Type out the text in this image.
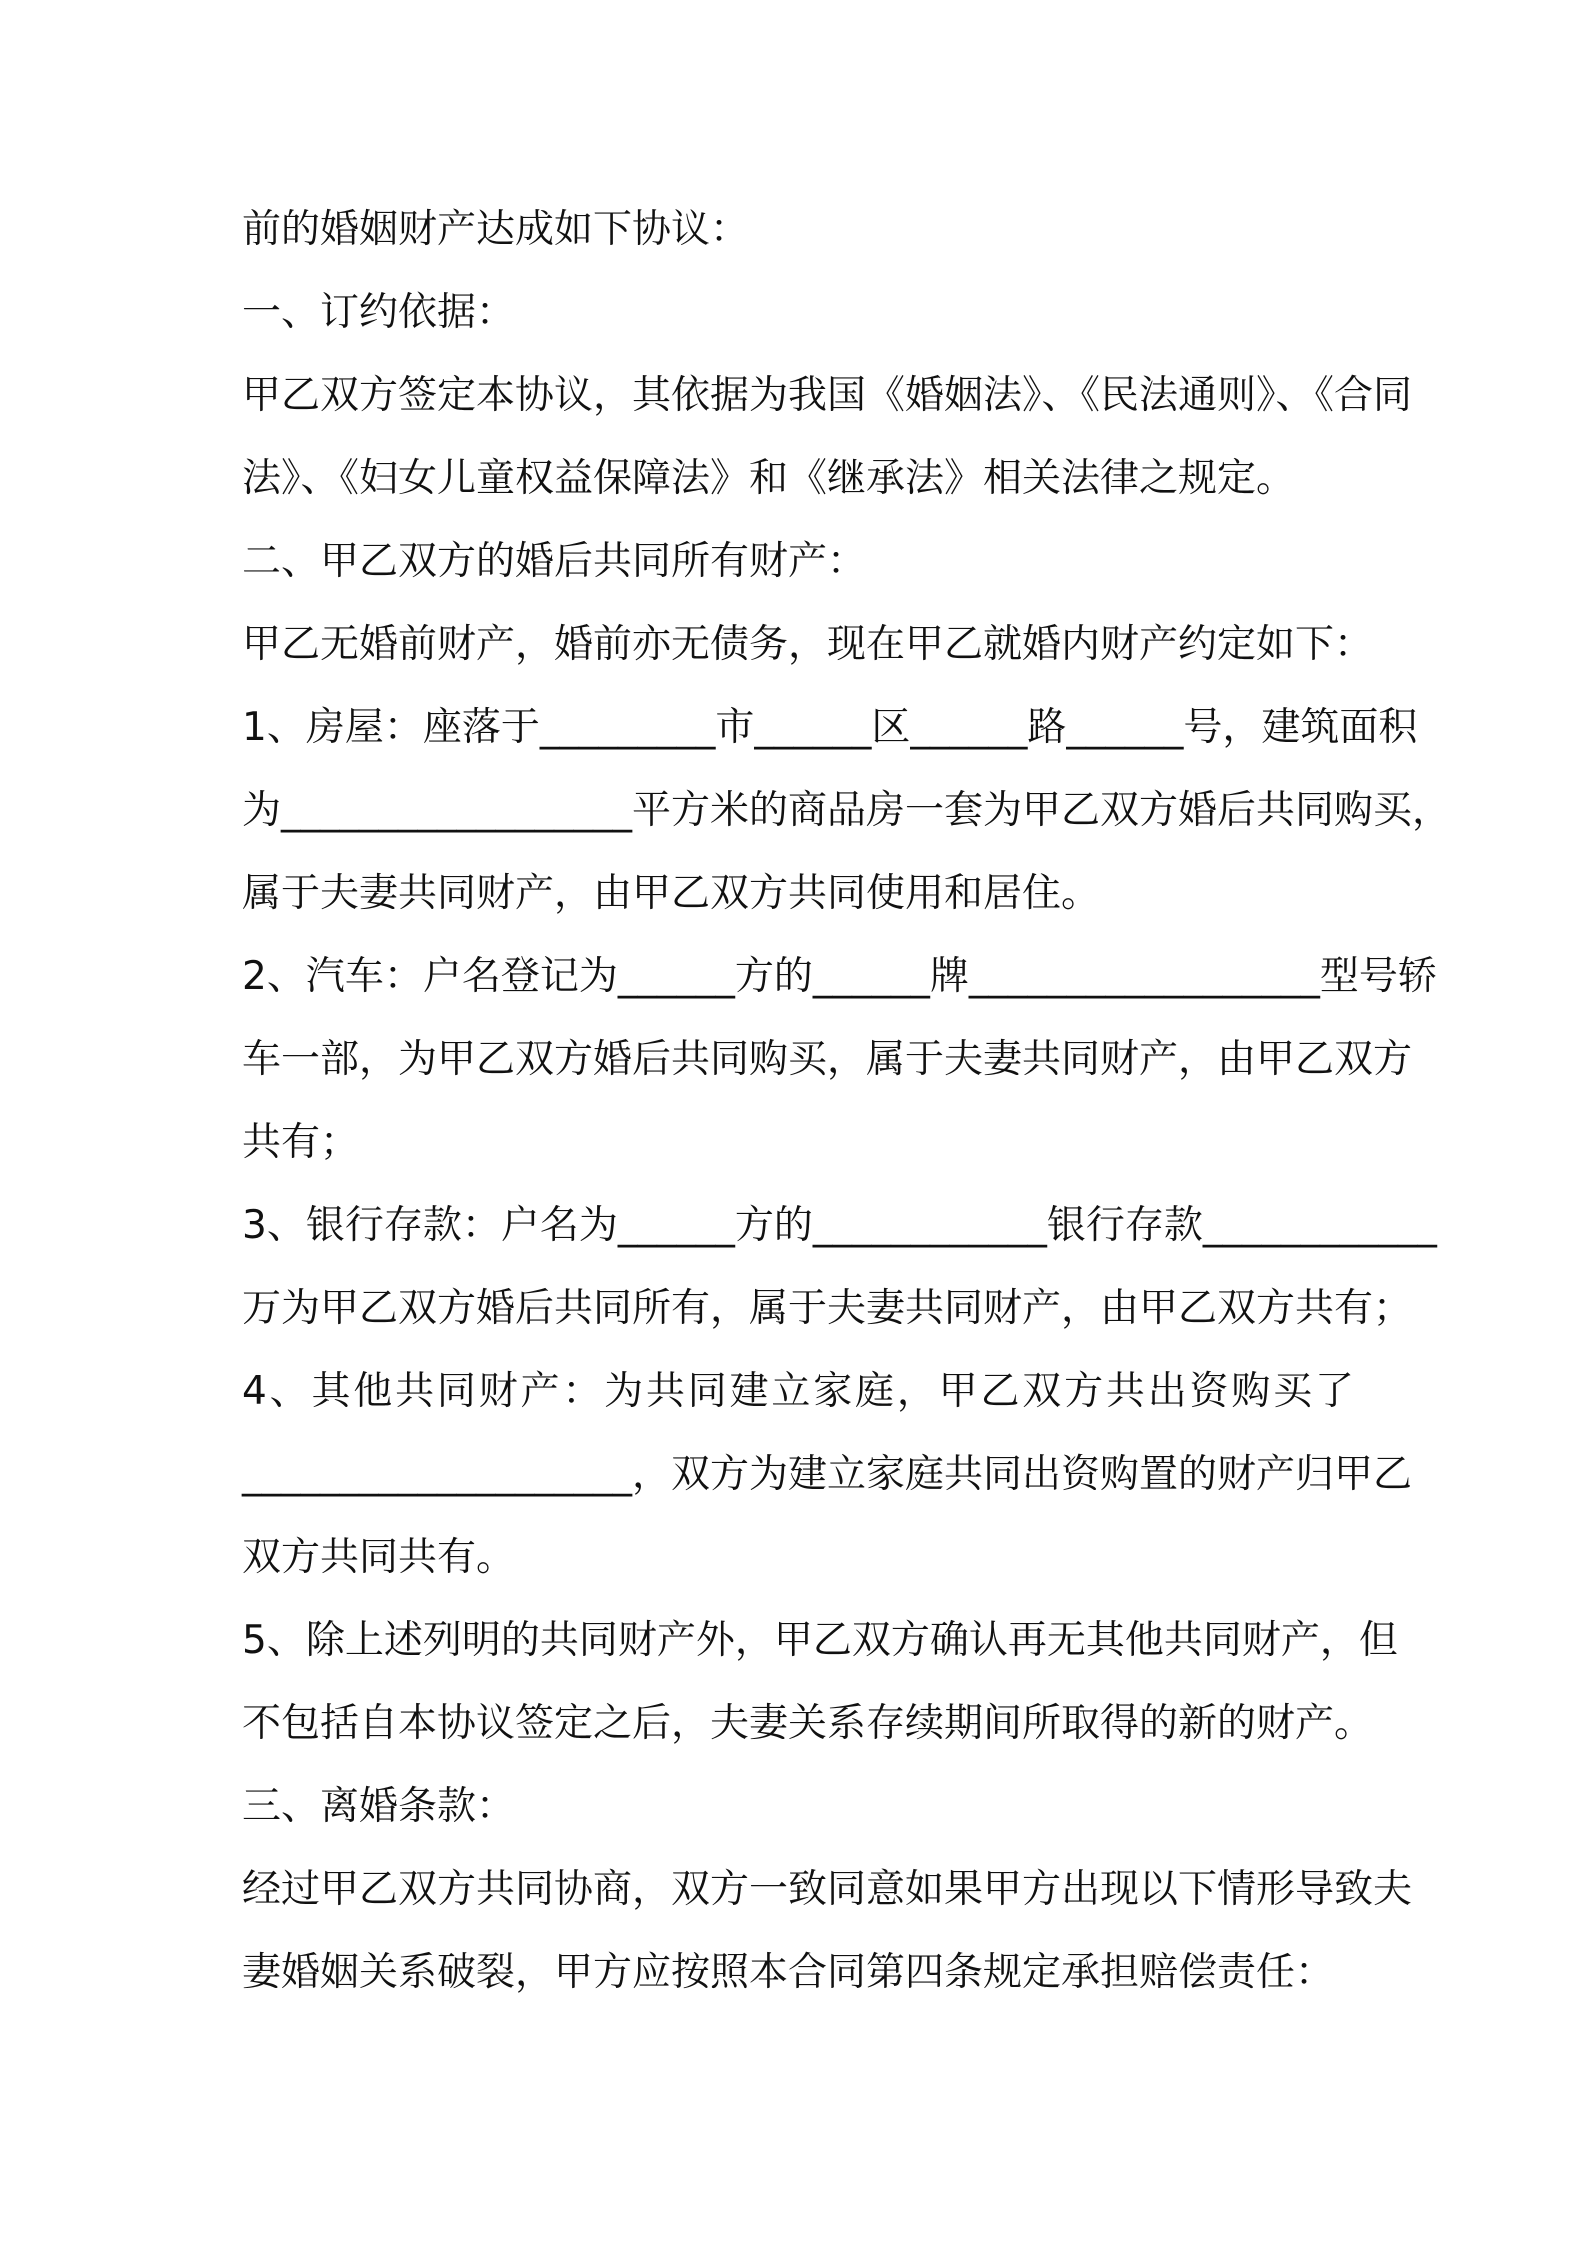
前的婚姻财产达成如下协议：
一、订约依据：
甲乙双方签定本协议，其依据为我国《婚姻法》、《民法通则》、《合同
法》、《妇女儿童权益保障法》和《继承法》相关法律之规定。
二、甲乙双方的婚后共同所有财产：
甲乙无婚前财产，婚前亦无债务，现在甲乙就婚内财产约定如下：
1、房屋：座落于_________市______区______路______号，建筑面积
为__________________平方米的商品房一套为甲乙双方婚后共同购买，
属于夫妻共同财产，由甲乙双方共同使用和居住。
2、汽车：户名登记为______方的______牌__________________型号轿
车一部，为甲乙双方婚后共同购买，属于夫妻共同财产，由甲乙双方
共有；
3、银行存款：户名为______方的____________银行存款____________
万为甲乙双方婚后共同所有，属于夫妻共同财产，由甲乙双方共有；
4、其他共同财产：为共同建立家庭，甲乙双方共出资购买了
____________________，双方为建立家庭共同出资购置的财产归甲乙
双方共同共有。
5、除上述列明的共同财产外，甲乙双方确认再无其他共同财产，但
不包括自本协议签定之后，夫妻关系存续期间所取得的新的财产。
三、离婚条款：
经过甲乙双方共同协商，双方一致同意如果甲方出现以下情形导致夫
妻婚姻关系破裂，甲方应按照本合同第四条规定承担赔偿责任：
